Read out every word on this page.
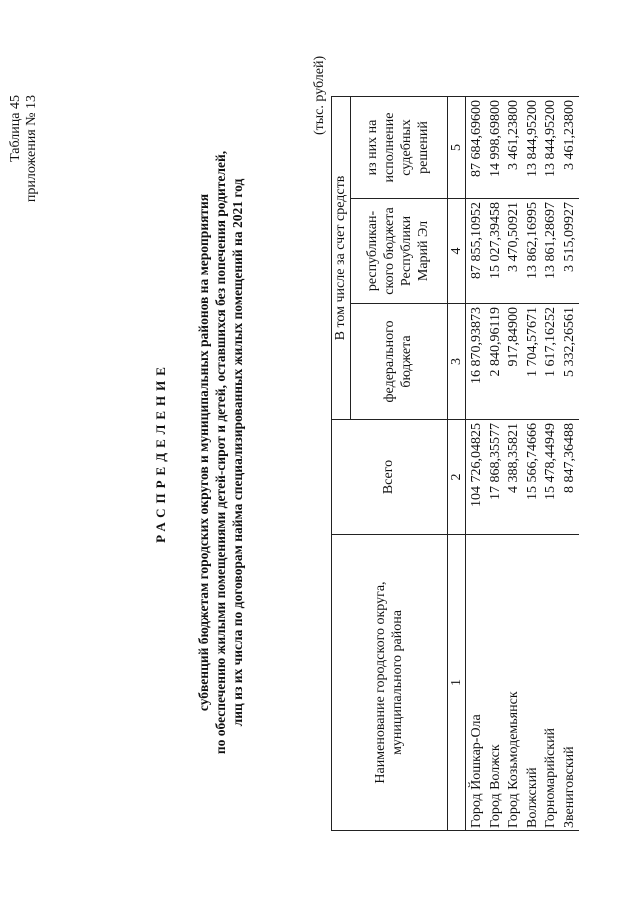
Таблица 45 приложения № 13
РАСПРЕДЕЛЕНИЕ субвенций бюджетам городских округов и муниципальных районов на мероприятия по обеспечению жилыми помещениями детей-сирот и детей, оставшихся без попечения родителей, лиц из их числа по договорам найма специализированных жилых помещений на 2021 год
(тыс. рублей)
Наименование городского округа, муниципального района	Всего	В том числе за счет средств		
		федерального бюджета	республикан-ского бюджета Республики Марий Эл	из них на исполнение судебных решений
1	2	3	4	5
Город Йошкар-Ола	104 726,04825	16 870,93873	87 855,10952	87 684,69600
Город Волжск	17 868,35577	2 840,96119	15 027,39458	14 998,69800
Город Козьмодемьянск	4 388,35821	917,84900	3 470,50921	3 461,23800
Волжский	15 566,74666	1 704,57671	13 862,16995	13 844,95200
Горномарийский	15 478,44949	1 617,16252	13 861,28697	13 844,95200
Звениговский	8 847,36488	5 332,26561	3 515,09927	3 461,23800
